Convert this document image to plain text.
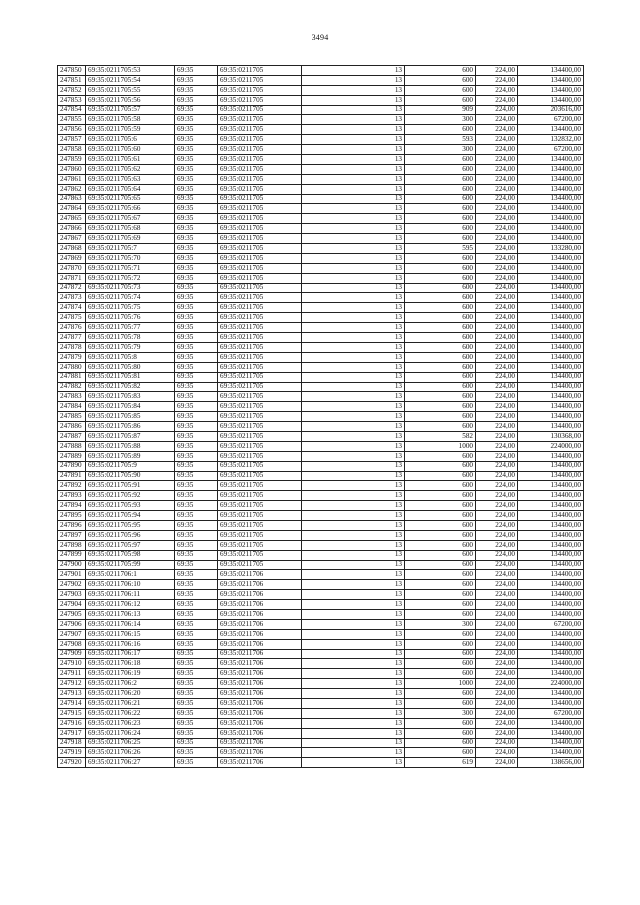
3494
247850	69:35:0211705:53	69:35	69:35:0211705	13	600	224,00	134400,00
247851	69:35:0211705:54	69:35	69:35:0211705	13	600	224,00	134400,00
247852	69:35:0211705:55	69:35	69:35:0211705	13	600	224,00	134400,00
247853	69:35:0211705:56	69:35	69:35:0211705	13	600	224,00	134400,00
247854	69:35:0211705:57	69:35	69:35:0211705	13	909	224,00	203616,00
247855	69:35:0211705:58	69:35	69:35:0211705	13	300	224,00	67200,00
247856	69:35:0211705:59	69:35	69:35:0211705	13	600	224,00	134400,00
247857	69:35:0211705:6	69:35	69:35:0211705	13	593	224,00	132832,00
247858	69:35:0211705:60	69:35	69:35:0211705	13	300	224,00	67200,00
247859	69:35:0211705:61	69:35	69:35:0211705	13	600	224,00	134400,00
247860	69:35:0211705:62	69:35	69:35:0211705	13	600	224,00	134400,00
247861	69:35:0211705:63	69:35	69:35:0211705	13	600	224,00	134400,00
247862	69:35:0211705:64	69:35	69:35:0211705	13	600	224,00	134400,00
247863	69:35:0211705:65	69:35	69:35:0211705	13	600	224,00	134400,00
247864	69:35:0211705:66	69:35	69:35:0211705	13	600	224,00	134400,00
247865	69:35:0211705:67	69:35	69:35:0211705	13	600	224,00	134400,00
247866	69:35:0211705:68	69:35	69:35:0211705	13	600	224,00	134400,00
247867	69:35:0211705:69	69:35	69:35:0211705	13	600	224,00	134400,00
247868	69:35:0211705:7	69:35	69:35:0211705	13	595	224,00	133280,00
247869	69:35:0211705:70	69:35	69:35:0211705	13	600	224,00	134400,00
247870	69:35:0211705:71	69:35	69:35:0211705	13	600	224,00	134400,00
247871	69:35:0211705:72	69:35	69:35:0211705	13	600	224,00	134400,00
247872	69:35:0211705:73	69:35	69:35:0211705	13	600	224,00	134400,00
247873	69:35:0211705:74	69:35	69:35:0211705	13	600	224,00	134400,00
247874	69:35:0211705:75	69:35	69:35:0211705	13	600	224,00	134400,00
247875	69:35:0211705:76	69:35	69:35:0211705	13	600	224,00	134400,00
247876	69:35:0211705:77	69:35	69:35:0211705	13	600	224,00	134400,00
247877	69:35:0211705:78	69:35	69:35:0211705	13	600	224,00	134400,00
247878	69:35:0211705:79	69:35	69:35:0211705	13	600	224,00	134400,00
247879	69:35:0211705:8	69:35	69:35:0211705	13	600	224,00	134400,00
247880	69:35:0211705:80	69:35	69:35:0211705	13	600	224,00	134400,00
247881	69:35:0211705:81	69:35	69:35:0211705	13	600	224,00	134400,00
247882	69:35:0211705:82	69:35	69:35:0211705	13	600	224,00	134400,00
247883	69:35:0211705:83	69:35	69:35:0211705	13	600	224,00	134400,00
247884	69:35:0211705:84	69:35	69:35:0211705	13	600	224,00	134400,00
247885	69:35:0211705:85	69:35	69:35:0211705	13	600	224,00	134400,00
247886	69:35:0211705:86	69:35	69:35:0211705	13	600	224,00	134400,00
247887	69:35:0211705:87	69:35	69:35:0211705	13	582	224,00	130368,00
247888	69:35:0211705:88	69:35	69:35:0211705	13	1000	224,00	224000,00
247889	69:35:0211705:89	69:35	69:35:0211705	13	600	224,00	134400,00
247890	69:35:0211705:9	69:35	69:35:0211705	13	600	224,00	134400,00
247891	69:35:0211705:90	69:35	69:35:0211705	13	600	224,00	134400,00
247892	69:35:0211705:91	69:35	69:35:0211705	13	600	224,00	134400,00
247893	69:35:0211705:92	69:35	69:35:0211705	13	600	224,00	134400,00
247894	69:35:0211705:93	69:35	69:35:0211705	13	600	224,00	134400,00
247895	69:35:0211705:94	69:35	69:35:0211705	13	600	224,00	134400,00
247896	69:35:0211705:95	69:35	69:35:0211705	13	600	224,00	134400,00
247897	69:35:0211705:96	69:35	69:35:0211705	13	600	224,00	134400,00
247898	69:35:0211705:97	69:35	69:35:0211705	13	600	224,00	134400,00
247899	69:35:0211705:98	69:35	69:35:0211705	13	600	224,00	134400,00
247900	69:35:0211705:99	69:35	69:35:0211705	13	600	224,00	134400,00
247901	69:35:0211706:1	69:35	69:35:0211706	13	600	224,00	134400,00
247902	69:35:0211706:10	69:35	69:35:0211706	13	600	224,00	134400,00
247903	69:35:0211706:11	69:35	69:35:0211706	13	600	224,00	134400,00
247904	69:35:0211706:12	69:35	69:35:0211706	13	600	224,00	134400,00
247905	69:35:0211706:13	69:35	69:35:0211706	13	600	224,00	134400,00
247906	69:35:0211706:14	69:35	69:35:0211706	13	300	224,00	67200,00
247907	69:35:0211706:15	69:35	69:35:0211706	13	600	224,00	134400,00
247908	69:35:0211706:16	69:35	69:35:0211706	13	600	224,00	134400,00
247909	69:35:0211706:17	69:35	69:35:0211706	13	600	224,00	134400,00
247910	69:35:0211706:18	69:35	69:35:0211706	13	600	224,00	134400,00
247911	69:35:0211706:19	69:35	69:35:0211706	13	600	224,00	134400,00
247912	69:35:0211706:2	69:35	69:35:0211706	13	1000	224,00	224000,00
247913	69:35:0211706:20	69:35	69:35:0211706	13	600	224,00	134400,00
247914	69:35:0211706:21	69:35	69:35:0211706	13	600	224,00	134400,00
247915	69:35:0211706:22	69:35	69:35:0211706	13	300	224,00	67200,00
247916	69:35:0211706:23	69:35	69:35:0211706	13	600	224,00	134400,00
247917	69:35:0211706:24	69:35	69:35:0211706	13	600	224,00	134400,00
247918	69:35:0211706:25	69:35	69:35:0211706	13	600	224,00	134400,00
247919	69:35:0211706:26	69:35	69:35:0211706	13	600	224,00	134400,00
247920	69:35:0211706:27	69:35	69:35:0211706	13	619	224,00	138656,00
